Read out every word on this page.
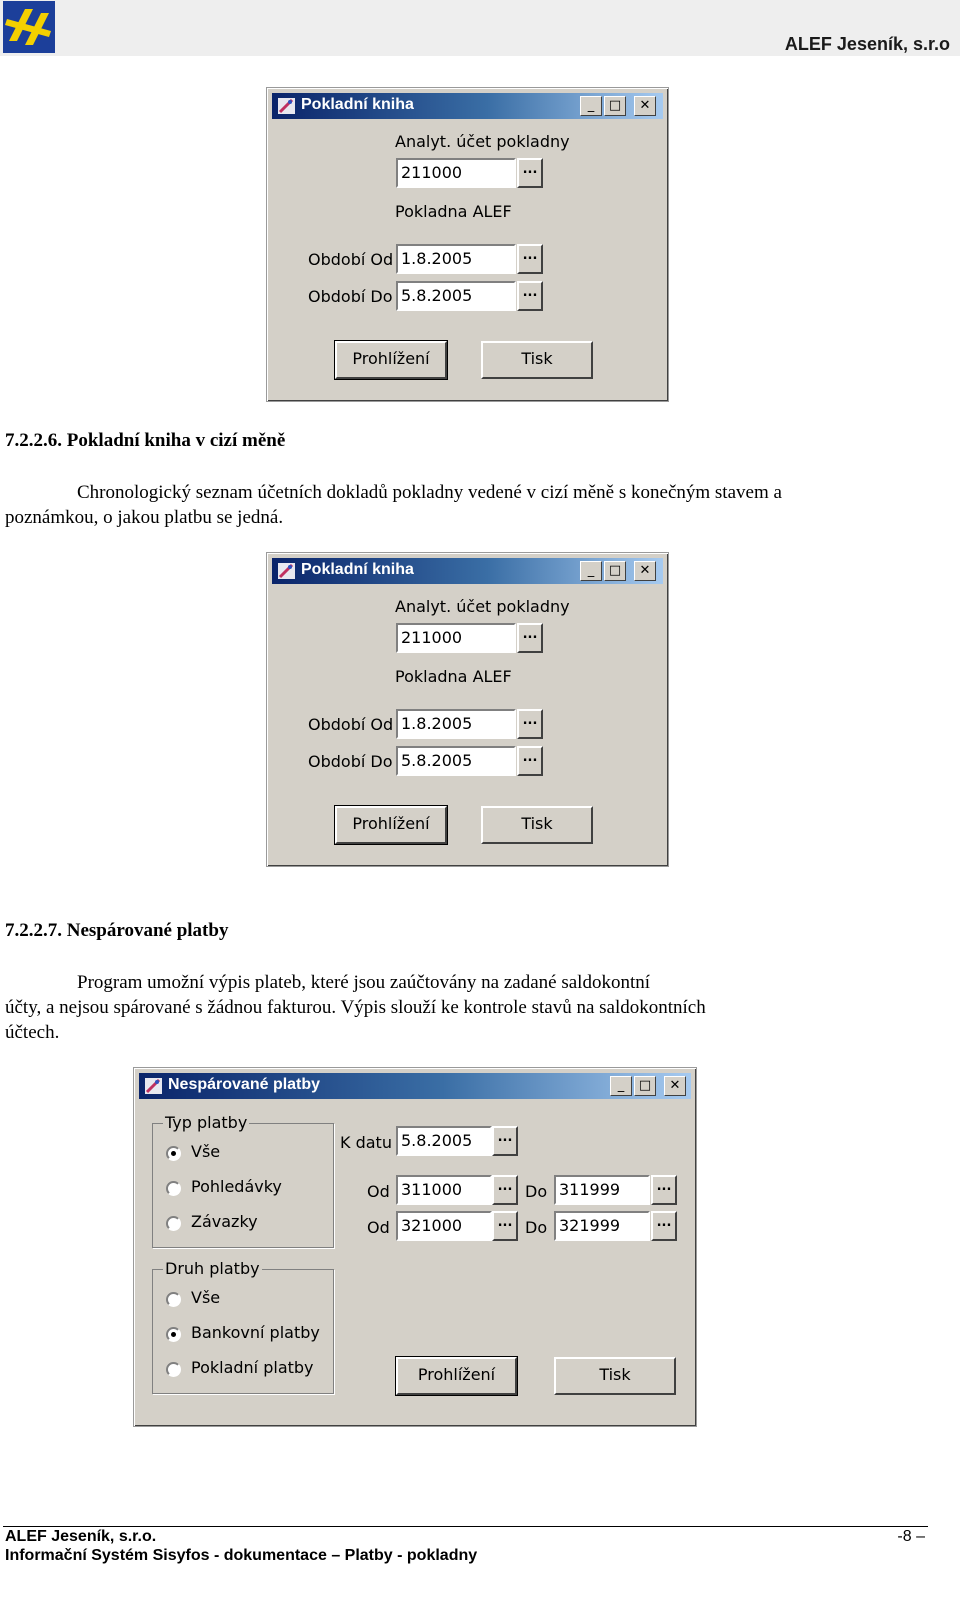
ALEF Jeseník, s.r.o
Pokladní kniha	_	□	✕
Analyt. účet pokladny
211000	...
Pokladna ALEF
Období Od 1.8.2005	...
Období Do 5.8.2005	...
Prohlížení	Tisk
7.2.2.6. Pokladní kniha v cizí měně
Chronologický seznam účetních dokladů pokladny vedené v cizí měně s konečným stavem a
poznámkou, o jakou platbu se jedná.
Pokladní kniha	_	□	✕
Analyt. účet pokladny
211000	...
Pokladna ALEF
Období Od 1.8.2005	...
Období Do 5.8.2005	...
Prohlížení	Tisk
7.2.2.7. Nespárované platby
Program umožní výpis plateb, které jsou zaúčtovány na zadané saldokontní
účty, a nejsou spárované s žádnou fakturou. Výpis slouží ke kontrole stavů na saldokontních
účtech.
Nespárované platby	_	□	✕
Typ platby
Vše
Pohledávky
Závazky
Druh platby
Vše
Bankovní platby
Pokladní platby
K datu 5.8.2005	...
Od 311000	... Do 311999	...
Od 321000	... Do 321999	...
Prohlížení	Tisk
ALEF Jeseník, s.r.o.
Informační Systém Sisyfos - dokumentace – Platby - pokladny
-8 –
